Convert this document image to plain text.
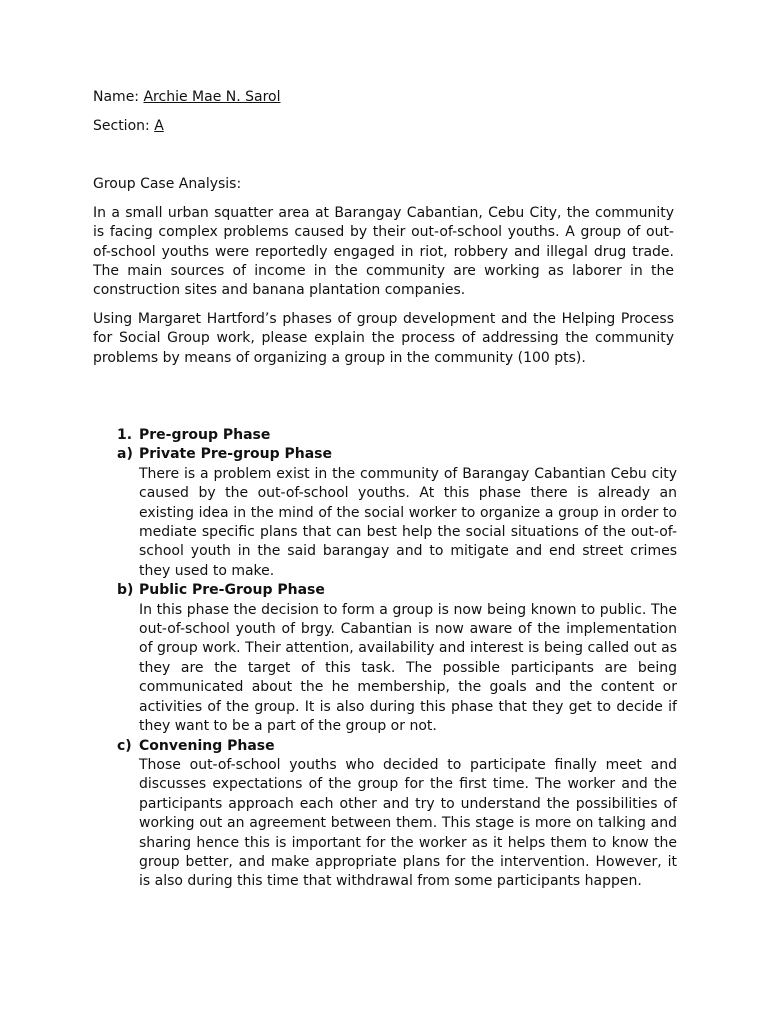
Name: Archie Mae N. Sarol
Section: A
Group Case Analysis:

In a small urban squatter area at Barangay Cabantian, Cebu City, the community is facing complex problems caused by their out-of-school youths. A group of out-of-school youths were reportedly engaged in riot, robbery and illegal drug trade. The main sources of income in the community are working as laborer in the construction sites and banana plantation companies.

Using Margaret Hartford’s phases of group development and the Helping Process for Social Group work, please explain the process of addressing the community problems by means of organizing a group in the community (100 pts).

1. Pre-group Phase
a) Private Pre-group Phase

There is a problem exist in the community of Barangay Cabantian Cebu city caused by the out-of-school youths. At this phase there is already an existing idea in the mind of the social worker to organize a group in order to mediate specific plans that can best help the social situations of the out-of-school youth in the said barangay and to mitigate and end street crimes they used to make.

b) Public Pre-Group Phase

In this phase the decision to form a group is now being known to public. The out-of-school youth of brgy. Cabantian is now aware of the implementation of group work. Their attention, availability and interest is being called out as they are the target of this task. The possible participants are being communicated about the he membership, the goals and the content or activities of the group. It is also during this phase that they get to decide if they want to be a part of the group or not.

c) Convening Phase

Those out-of-school youths who decided to participate finally meet and discusses expectations of the group for the first time. The worker and the participants approach each other and try to understand the possibilities of working out an agreement between them. This stage is more on talking and sharing hence this is important for the worker as it helps them to know the group better, and make appropriate plans for the intervention. However, it is also during this time that withdrawal from some participants happen.
